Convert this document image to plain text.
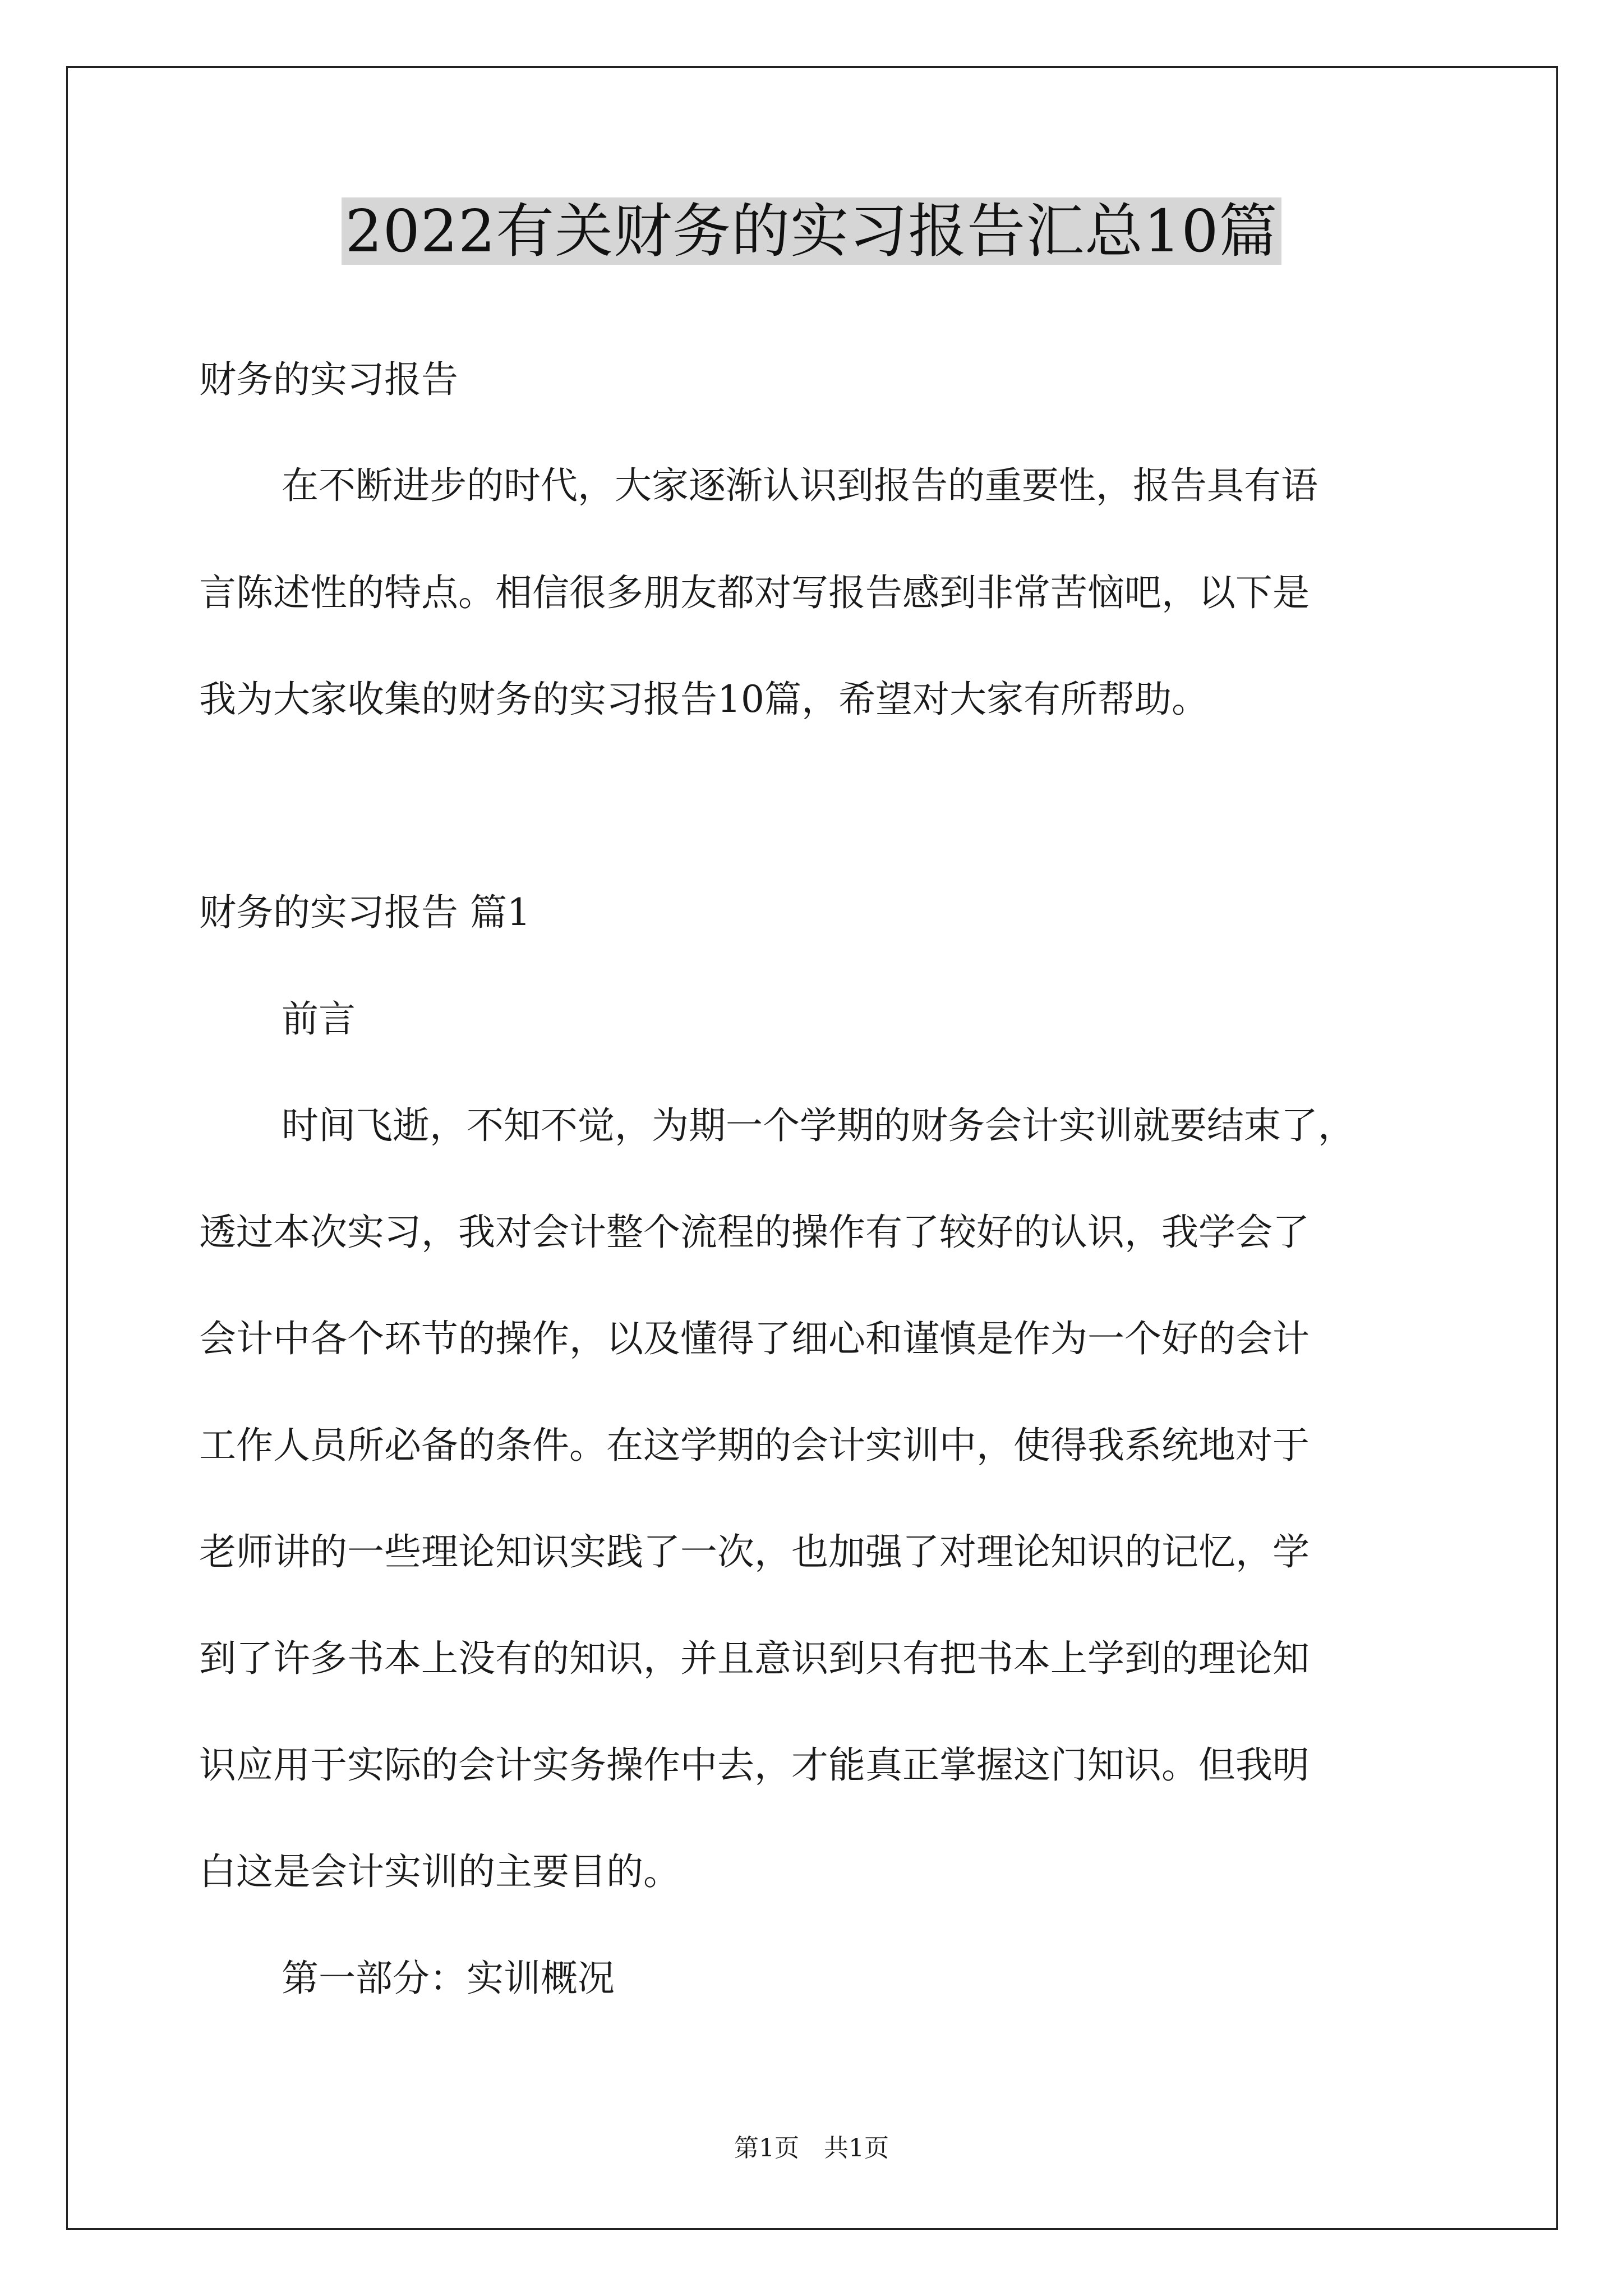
2022有关财务的实习报告汇总10篇
财务的实习报告
在不断进步的时代，大家逐渐认识到报告的重要性，报告具有语
言陈述性的特点。相信很多朋友都对写报告感到非常苦恼吧，以下是
我为大家收集的财务的实习报告10篇，希望对大家有所帮助。
财务的实习报告 篇1
前言
时间飞逝，不知不觉，为期一个学期的财务会计实训就要结束了，
透过本次实习，我对会计整个流程的操作有了较好的认识，我学会了
会计中各个环节的操作，以及懂得了细心和谨慎是作为一个好的会计
工作人员所必备的条件。在这学期的会计实训中，使得我系统地对于
老师讲的一些理论知识实践了一次，也加强了对理论知识的记忆，学
到了许多书本上没有的知识，并且意识到只有把书本上学到的理论知
识应用于实际的会计实务操作中去，才能真正掌握这门知识。但我明
白这是会计实训的主要目的。
第一部分：实训概况
第1页　共1页
